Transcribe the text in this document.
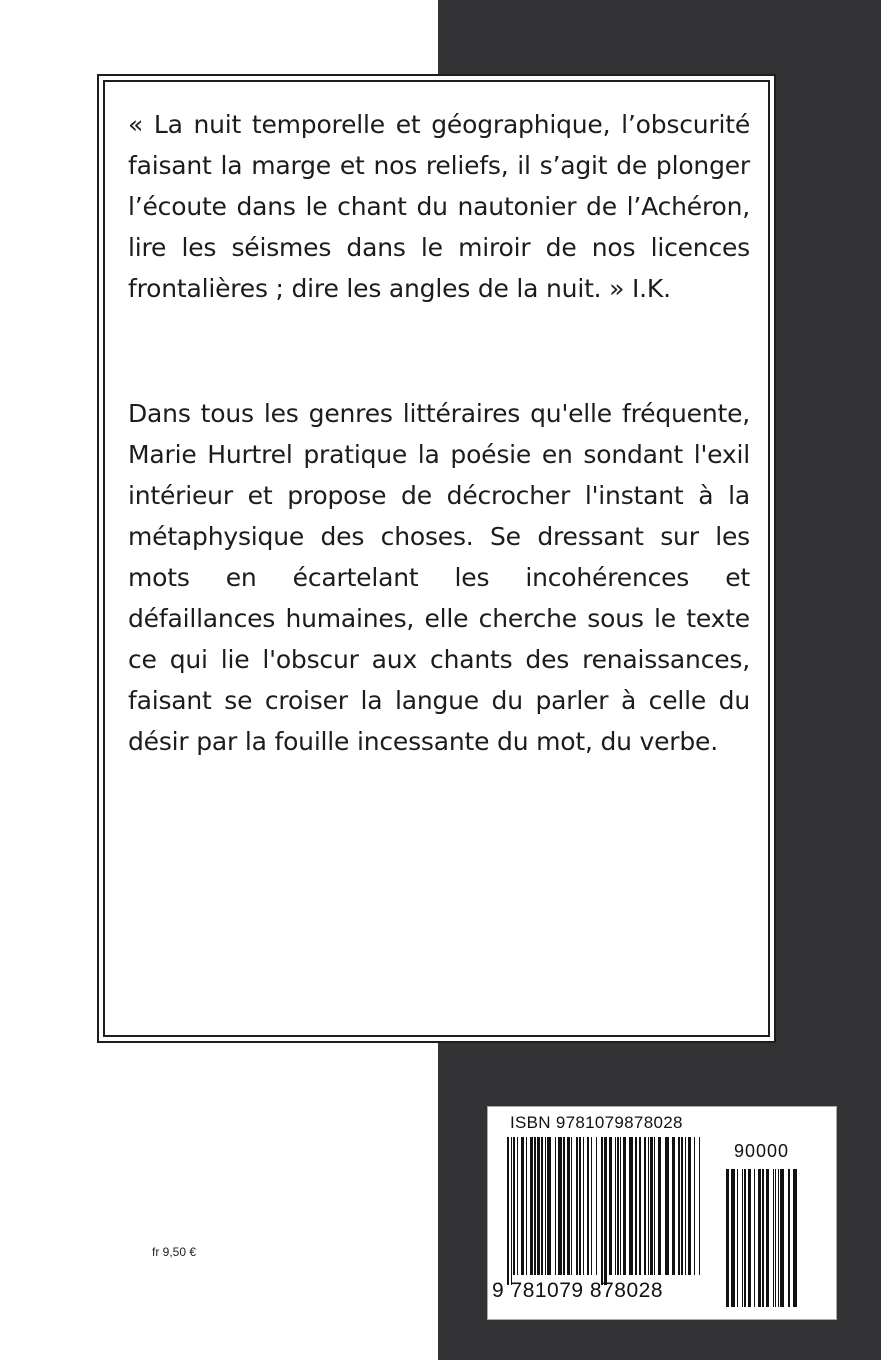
« La nuit temporelle et géographique, l’obscurité faisant la marge et nos reliefs, il s’agit de plonger l’écoute dans le chant du nautonier de l’Achéron, lire les séismes dans le miroir de nos licences frontalières ; dire les angles de la nuit. » I.K.
Dans tous les genres littéraires qu'elle fréquente, Marie Hurtrel pratique la poésie en sondant l'exil intérieur et propose de décrocher l'instant à la métaphysique des choses. Se dressant sur les mots en écartelant les incohérences et défaillances humaines, elle cherche sous le texte ce qui lie l'obscur aux chants des renaissances, faisant se croiser la langue du parler à celle du désir par la fouille incessante du mot, du verbe.
fr 9,50 €
ISBN 9781079878028
90000
9 781079 878028
